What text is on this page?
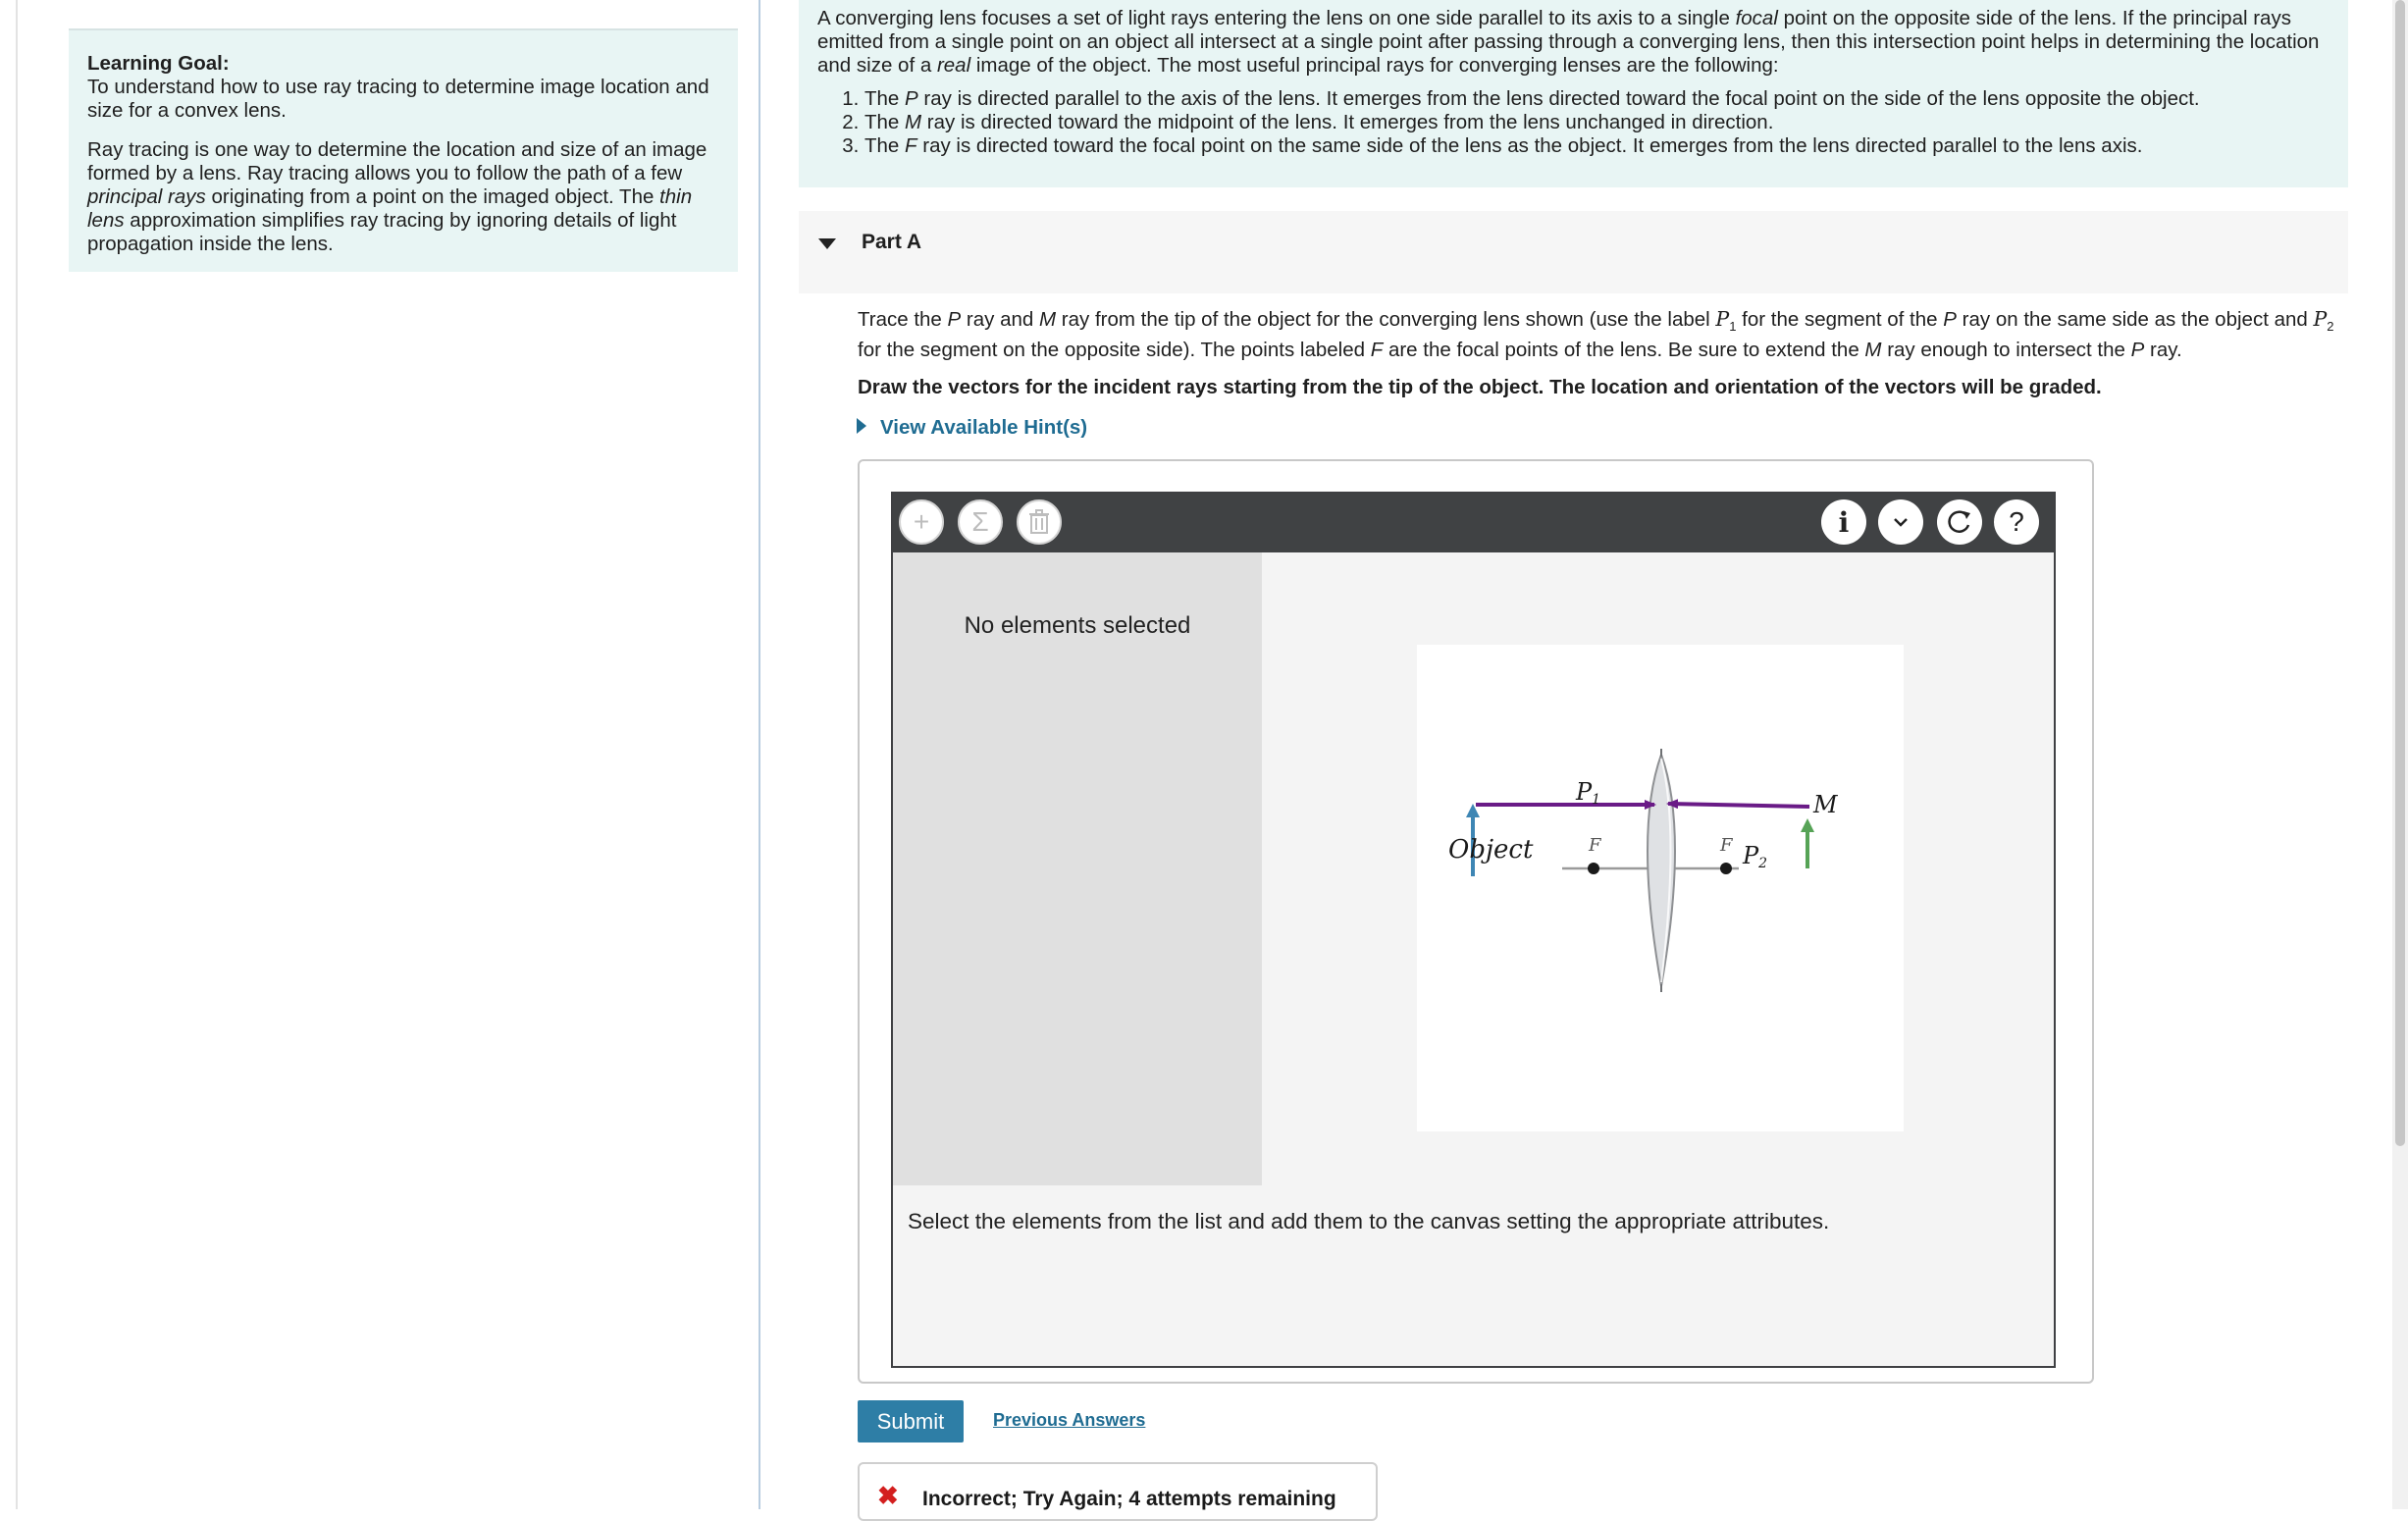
Learning Goal:

To understand how to use ray tracing to determine image location and size for a convex lens.

Ray tracing is one way to determine the location and size of an image formed by a lens. Ray tracing allows you to follow the path of a few principal rays originating from a point on the imaged object. The thin lens approximation simplifies ray tracing by ignoring details of light propagation inside the lens.

A converging lens focuses a set of light rays entering the lens on one side parallel to its axis to a single focal point on the opposite side of the lens. If the principal rays emitted from a single point on an object all intersect at a single point after passing through a converging lens, then this intersection point helps in determining the location and size of a real image of the object. The most useful principal rays for converging lenses are the following:

1. The P ray is directed parallel to the axis of the lens. It emerges from the lens directed toward the focal point on the side of the lens opposite the object.
2. The M ray is directed toward the midpoint of the lens. It emerges from the lens unchanged in direction.
3. The F ray is directed toward the focal point on the same side of the lens as the object. It emerges from the lens directed parallel to the lens axis.
Part A

Trace the P ray and M ray from the tip of the object for the converging lens shown (use the label $P_1$ for the segment of the P ray on the same side as the object and $P_2$ for the segment on the opposite side). The points labeled F are the focal points of the lens. Be sure to extend the M ray enough to intersect the P ray.

Draw the vectors for the incident rays starting from the tip of the object. The location and orientation of the vectors will be graded.

View Available Hint(s)
+ Σ	i	?
No elements selected
Object	F	F
P1
P2
M
Select the elements from the list and add them to the canvas setting the appropriate attributes.
Submit	Previous Answers
✖ Incorrect; Try Again; 4 attempts remaining
